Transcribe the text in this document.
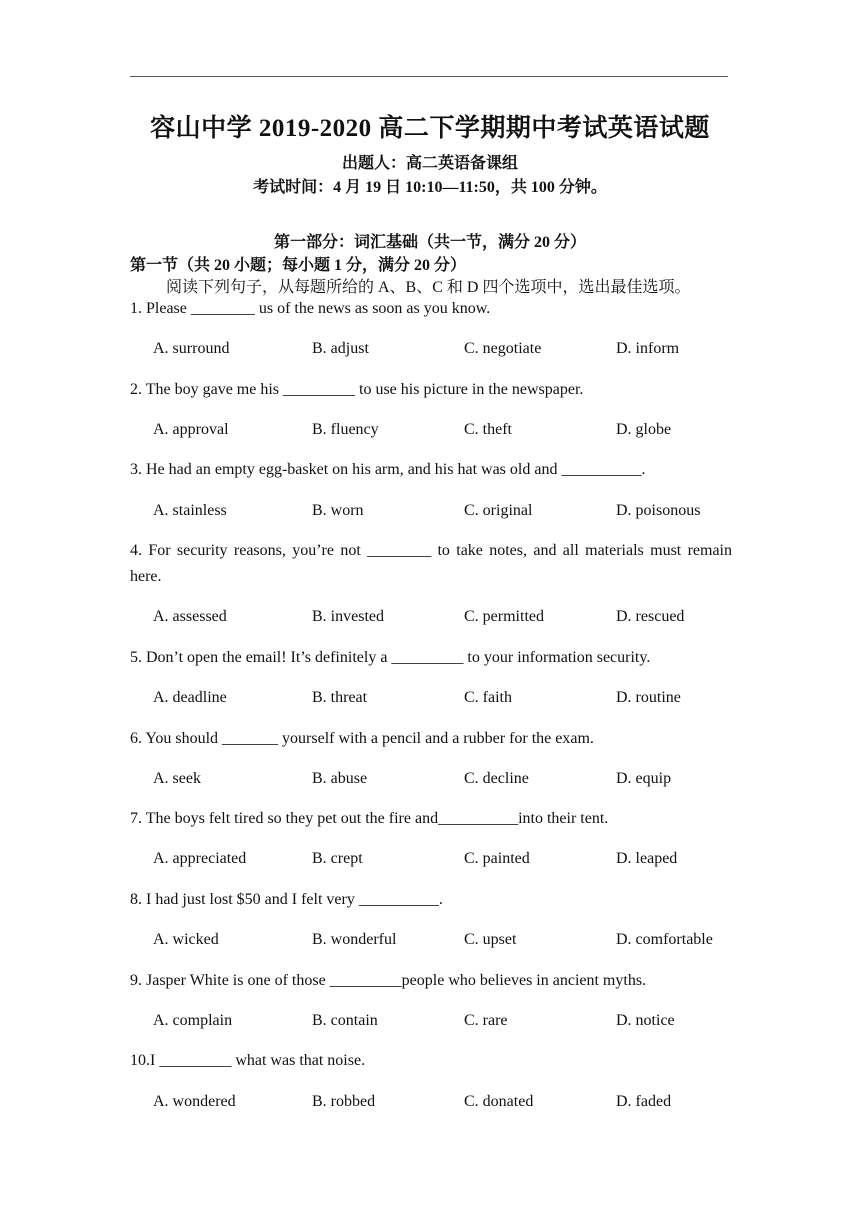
容山中学 2019-2020 高二下学期期中考试英语试题
出题人：高二英语备课组
考试时间：4 月 19 日 10:10—11:50，共 100 分钟。
第一部分：词汇基础（共一节，满分 20 分）
第一节（共 20 小题；每小题 1 分，满分 20 分）
阅读下列句子，从每题所给的 A、B、C 和 D 四个选项中，选出最佳选项。
1. Please ________ us of the news as soon as you know.
A. surround	B. adjust	C. negotiate	D. inform
2. The boy gave me his _________ to use his picture in the newspaper.
A. approval	B. fluency	C. theft	D. globe
3. He had an empty egg-basket on his arm, and his hat was old and __________.
A. stainless	B. worn	C. original	D. poisonous
4. For security reasons, you’re not ________ to take notes, and all materials must remain here.
A. assessed	B. invested	C. permitted	D. rescued
5. Don’t open the email! It’s definitely a _________ to your information security.
A. deadline	B. threat	C. faith	D. routine
6. You should _______ yourself with a pencil and a rubber for the exam.
A. seek	B. abuse	C. decline	D. equip
7. The boys felt tired so they pet out the fire and__________into their tent.
A. appreciated	B. crept	C. painted	D. leaped
8. I had just lost $50 and I felt very __________.
A. wicked	B. wonderful	C. upset	D. comfortable
9. Jasper White is one of those _________people who believes in ancient myths.
A. complain	B. contain	C. rare	D. notice
10.I _________ what was that noise.
A. wondered	B. robbed	C. donated	D. faded
